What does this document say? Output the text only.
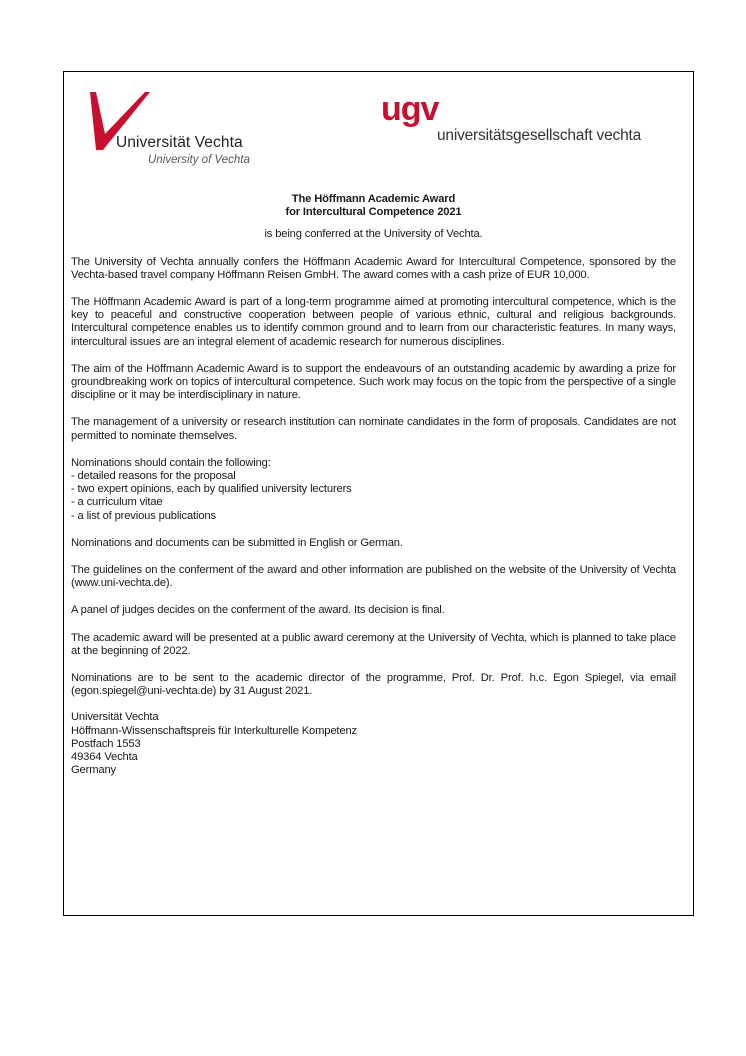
Universität Vechta
University of Vechta
ugv
universitätsgesellschaft vechta
The Höffmann Academic Award
for Intercultural Competence 2021

is being conferred at the University of Vechta.

The University of Vechta annually confers the Höffmann Academic Award for Intercultural Competence, sponsored by the Vechta-based travel company Höffmann Reisen GmbH. The award comes with a cash prize of EUR 10,000.

The Höffmann Academic Award is part of a long-term programme aimed at promoting intercultural competence, which is the key to peaceful and constructive cooperation between people of various ethnic, cultural and religious backgrounds. Intercultural competence enables us to identify common ground and to learn from our characteristic features. In many ways, intercultural issues are an integral element of academic research for numerous disciplines.

The aim of the Höffmann Academic Award is to support the endeavours of an outstanding academic by awarding a prize for groundbreaking work on topics of intercultural competence. Such work may focus on the topic from the perspective of a single discipline or it may be interdisciplinary in nature.

The management of a university or research institution can nominate candidates in the form of proposals. Candidates are not permitted to nominate themselves.

Nominations should contain the following:
- detailed reasons for the proposal
- two expert opinions, each by qualified university lecturers
- a curriculum vitae
- a list of previous publications

Nominations and documents can be submitted in English or German.

The guidelines on the conferment of the award and other information are published on the website of the University of Vechta (www.uni-vechta.de).

A panel of judges decides on the conferment of the award. Its decision is final.

The academic award will be presented at a public award ceremony at the University of Vechta, which is planned to take place at the beginning of 2022.

Nominations are to be sent to the academic director of the programme, Prof. Dr. Prof. h.c. Egon Spiegel, via email (egon.spiegel@uni-vechta.de) by 31 August 2021.

Universität Vechta
Höffmann-Wissenschaftspreis für Interkulturelle Kompetenz
Postfach 1553
49364 Vechta
Germany
